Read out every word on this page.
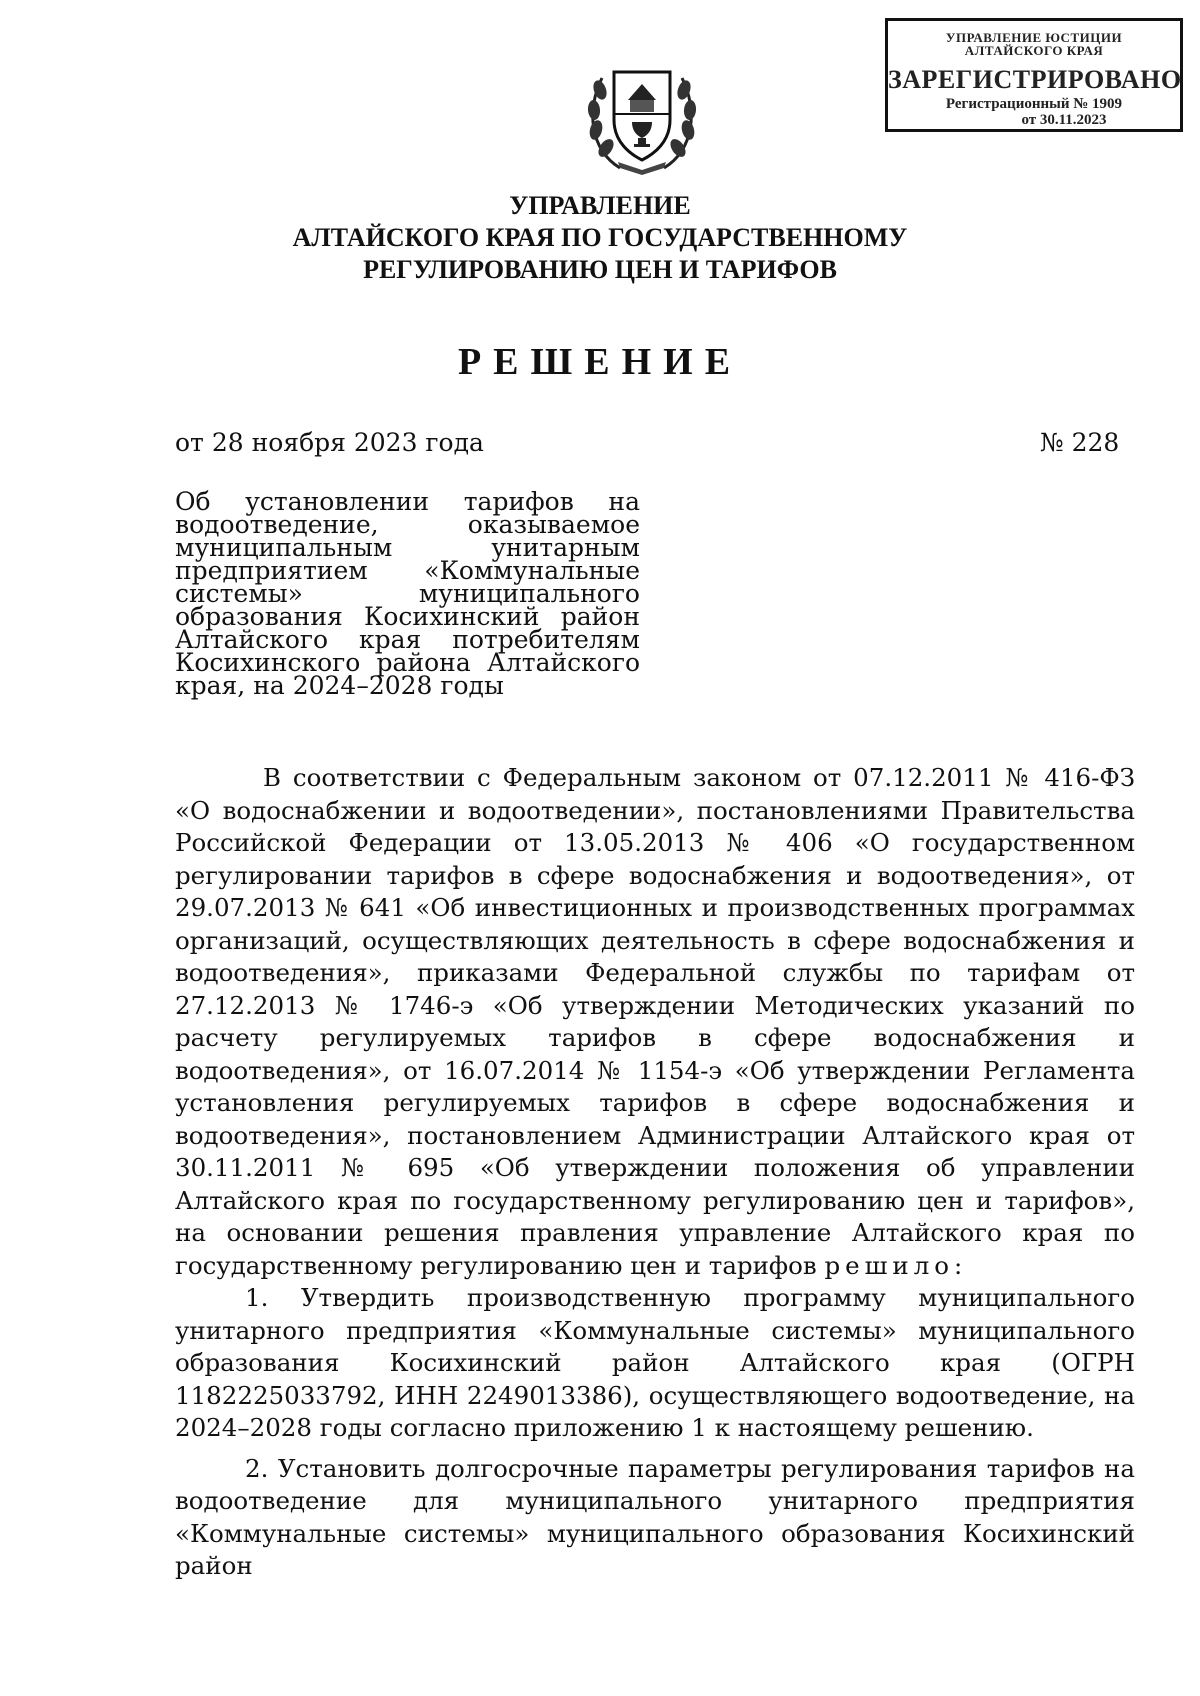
УПРАВЛЕНИЕ ЮСТИЦИИ
АЛТАЙСКОГО КРАЯ
ЗАРЕГИСТРИРОВАНО
Регистрационный № 1909
от 30.11.2023
УПРАВЛЕНИЕ
АЛТАЙСКОГО КРАЯ ПО ГОСУДАРСТВЕННОМУ
РЕГУЛИРОВАНИЮ ЦЕН И ТАРИФОВ
РЕШЕНИЕ
от 28 ноября 2023 года	№ 228
Об установлении тарифов на водоотведение, оказываемое муниципальным унитарным предприятием «Коммунальные системы» муниципального образования Косихинский район Алтайского края потребителям Косихинского района Алтайского края, на 2024–2028 годы

В соответствии с Федеральным законом от 07.12.2011 № 416-ФЗ «О водоснабжении и водоотведении», постановлениями Правительства Российской Федерации от 13.05.2013 № 406 «О государственном регулировании тарифов в сфере водоснабжения и водоотведения», от 29.07.2013 № 641 «Об инвестиционных и производственных программах организаций, осуществляющих деятельность в сфере водоснабжения и водоотведения», приказами Федеральной службы по тарифам от 27.12.2013 № 1746-э «Об утверждении Методических указаний по расчету регулируемых тарифов в сфере водоснабжения и водоотведения», от 16.07.2014 № 1154-э «Об утверждении Регламента установления регулируемых тарифов в сфере водоснабжения и водоотведения», постановлением Администрации Алтайского края от 30.11.2011 № 695 «Об утверждении положения об управлении Алтайского края по государственному регулированию цен и тарифов», на основании решения правления управление Алтайского края по государственному регулированию цен и тарифов решило:

1. Утвердить производственную программу муниципального унитарного предприятия «Коммунальные системы» муниципального образования Косихинский район Алтайского края (ОГРН 1182225033792, ИНН 2249013386), осуществляющего водоотведение, на 2024–2028 годы согласно приложению 1 к настоящему решению.

2. Установить долгосрочные параметры регулирования тарифов на водоотведение для муниципального унитарного предприятия «Коммунальные системы» муниципального образования Косихинский район
